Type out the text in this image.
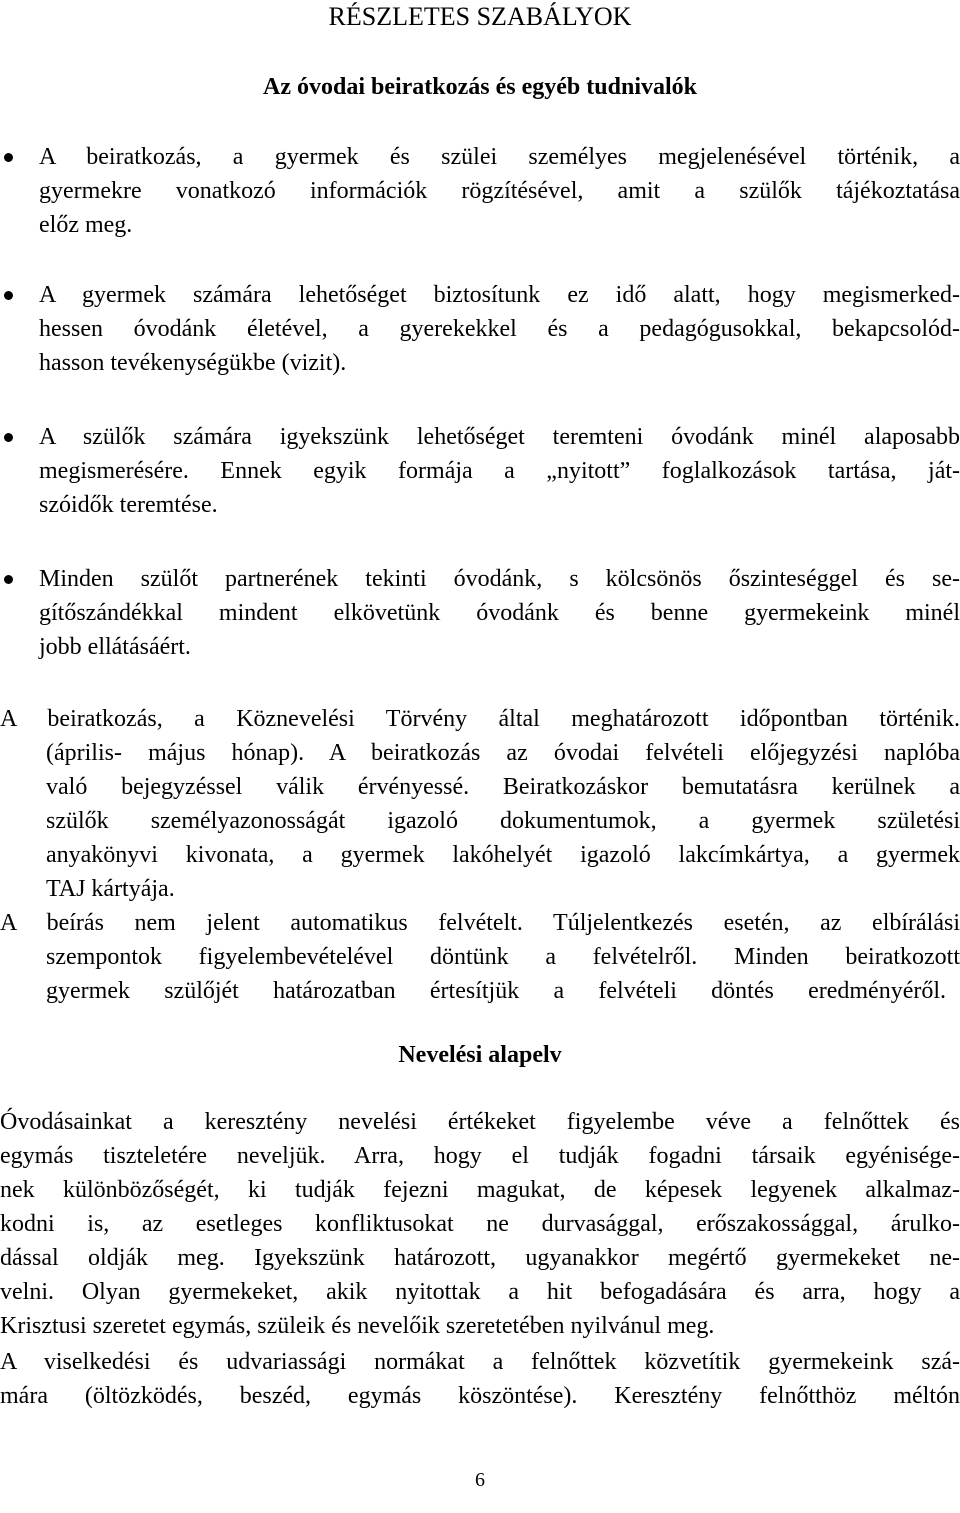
RÉSZLETES SZABÁLYOK
Az óvodai beiratkozás és egyéb tudnivalók
A beiratkozás, a gyermek és szülei személyes megjelenésével történik, a
gyermekre vonatkozó információk rögzítésével, amit a szülők tájékoztatása
előz meg.
A gyermek számára lehetőséget biztosítunk ez idő alatt, hogy megismerked-
hessen óvodánk életével, a gyerekekkel és a pedagógusokkal, bekapcsolód-
hasson tevékenységükbe (vizit).
A szülők számára igyekszünk lehetőséget teremteni óvodánk minél alaposabb
megismerésére. Ennek egyik formája a „nyitott” foglalkozások tartása, ját-
szóidők teremtése.
Minden szülőt partnerének tekinti óvodánk, s kölcsönös őszinteséggel és se-
gítőszándékkal mindent elkövetünk óvodánk és benne gyermekeink minél
jobb ellátásáért.
A beiratkozás, a Köznevelési Törvény által meghatározott időpontban történik.
(április- május hónap). A beiratkozás az óvodai felvételi előjegyzési naplóba
való bejegyzéssel válik érvényessé. Beiratkozáskor bemutatásra kerülnek a
szülők személyazonosságát igazoló dokumentumok, a gyermek születési
anyakönyvi kivonata, a gyermek lakóhelyét igazoló lakcímkártya, a gyermek
TAJ kártyája.
A beírás nem jelent automatikus felvételt. Túljelentkezés esetén, az elbírálási
szempontok figyelembevételével döntünk a felvételről. Minden beiratkozott
gyermek szülőjét határozatban értesítjük a felvételi döntés eredményéről.
Nevelési alapelv
Óvodásainkat a keresztény nevelési értékeket figyelembe véve a felnőttek és
egymás tiszteletére neveljük. Arra, hogy el tudják fogadni társaik egyénisége-
nek különbözőségét, ki tudják fejezni magukat, de képesek legyenek alkalmaz-
kodni is, az esetleges konfliktusokat ne durvasággal, erőszakossággal, árulko-
dással oldják meg. Igyekszünk határozott, ugyanakkor megértő gyermekeket ne-
velni. Olyan gyermekeket, akik nyitottak a hit befogadására és arra, hogy a
Krisztusi szeretet egymás, szüleik és nevelőik szeretetében nyilvánul meg.
A viselkedési és udvariassági normákat a felnőttek közvetítik gyermekeink szá-
mára (öltözködés, beszéd, egymás köszöntése). Keresztény felnőtthöz méltón
6
